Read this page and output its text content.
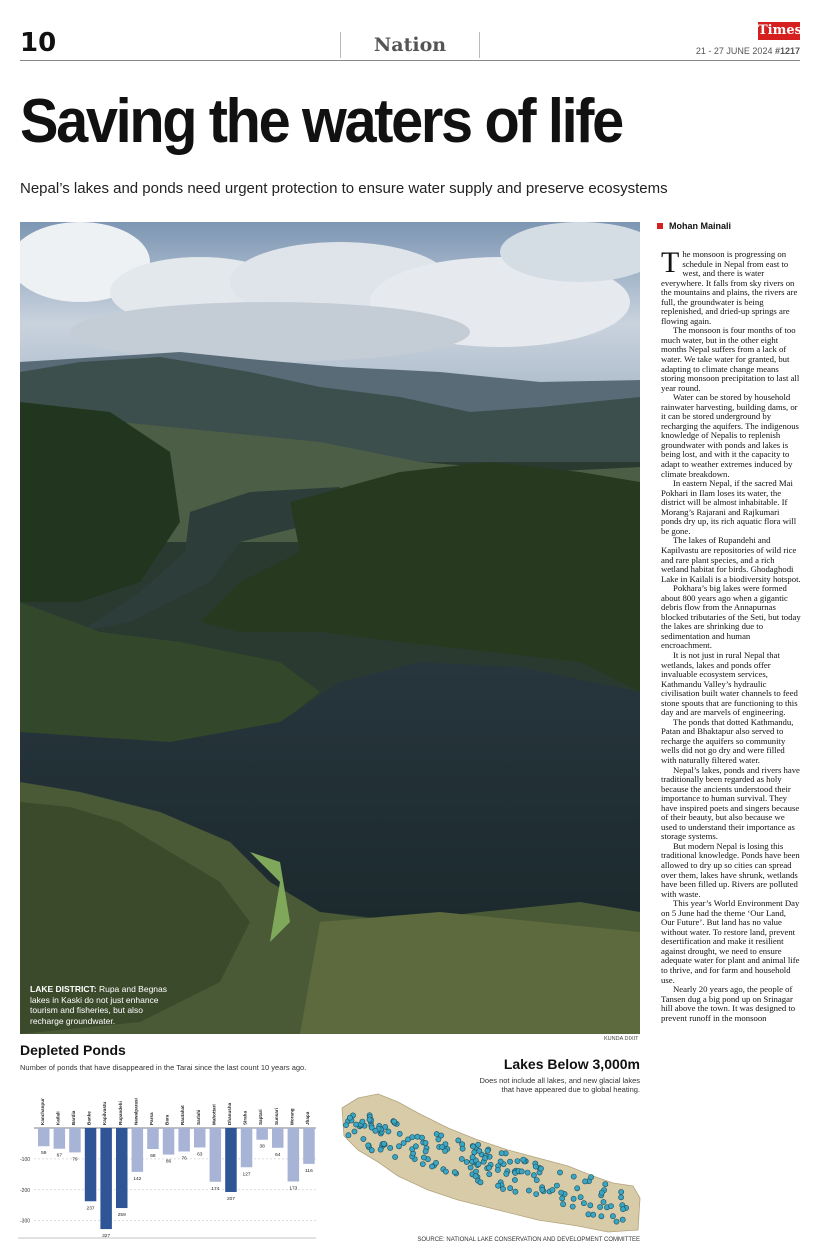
10	Nation
Times
21 - 27 JUNE 2024 #1217
Saving the waters of life
Nepal’s lakes and ponds need urgent protection to ensure water supply and preserve ecosystems
LAKE DISTRICT: Rupa and Begnas lakes in Kaski do not just enhance tourism and fisheries, but also recharge groundwater.
KUNDA DIXIT
Mohan Mainali

The monsoon is progressing on schedule in Nepal from east to west, and there is water everywhere. It falls from sky rivers on the mountains and plains, the rivers are full, the groundwater is being replenished, and dried-up springs are flowing again.

The monsoon is four months of too much water, but in the other eight months Nepal suffers from a lack of water. We take water for granted, but adapting to climate change means storing monsoon precipitation to last all year round.

Water can be stored by household rainwater harvesting, building dams, or it can be stored underground by recharging the aquifers. The indigenous knowledge of Nepalis to replenish groundwater with ponds and lakes is being lost, and with it the capacity to adapt to weather extremes induced by climate breakdown.

In eastern Nepal, if the sacred Mai Pokhari in Ilam loses its water, the district will be almost inhabitable. If Morang’s Rajarani and Rajkumari ponds dry up, its rich aquatic flora will be gone.

The lakes of Rupandehi and Kapilvastu are repositories of wild rice and rare plant species, and a rich wetland habitat for birds. Ghodaghodi Lake in Kailali is a biodiversity hotspot.

Pokhara’s big lakes were formed about 800 years ago when a gigantic debris flow from the Annapurnas blocked tributaries of the Seti, but today the lakes are shrinking due to sedimentation and human encroachment.

It is not just in rural Nepal that wetlands, lakes and ponds offer invaluable ecosystem services, Kathmandu Valley’s hydraulic civilisation built water channels to feed stone spouts that are functioning to this day and are marvels of engineering.

The ponds that dotted Kathmandu, Patan and Bhaktapur also served to recharge the aquifers so community wells did not go dry and were filled with naturally filtered water.

Nepal’s lakes, ponds and rivers have traditionally been regarded as holy because the ancients understood their importance to human survival. They have inspired poets and singers because of their beauty, but also because we used to understand their importance as storage systems.

But modern Nepal is losing this traditional knowledge. Ponds have been allowed to dry up so cities can spread over them, lakes have shrunk, wetlands have been filled up. Rivers are polluted with waste.

This year’s World Environment Day on 5 June had the theme ‘Our Land, Our Future’. But land has no value without water. To restore land, prevent desertification and make it resilient against drought, we need to ensure adequate water for plant and animal life to thrive, and for farm and household use.

Nearly 20 years ago, the people of Tansen dug a big pond up on Srinagar hill above the town. It was designed to prevent runoff in the monsoon

Depleted Ponds
Number of ponds that have disappeared in the Tarai since the last count 10 years ago.
-100
-200
-300
Kanchanpur
59
Kailali
67
Bardia
79
Banke
237
Kapilvastu
327
Rupandehi
259
Nawalparasi
142
Parsa
68
Bara
86
Rautahat
76
Sarlahi
63
Mahottari
174
Dhanusha
207
Siraha
127
Saptari
38
Sunsari
64
Morang
173
Jhapa
116
Lakes Below 3,000m
Does not include all lakes, and new glacial lakes that have appeared due to global heating.
SOURCE: NATIONAL LAKE CONSERVATION AND DEVELOPMENT COMMITTEE
